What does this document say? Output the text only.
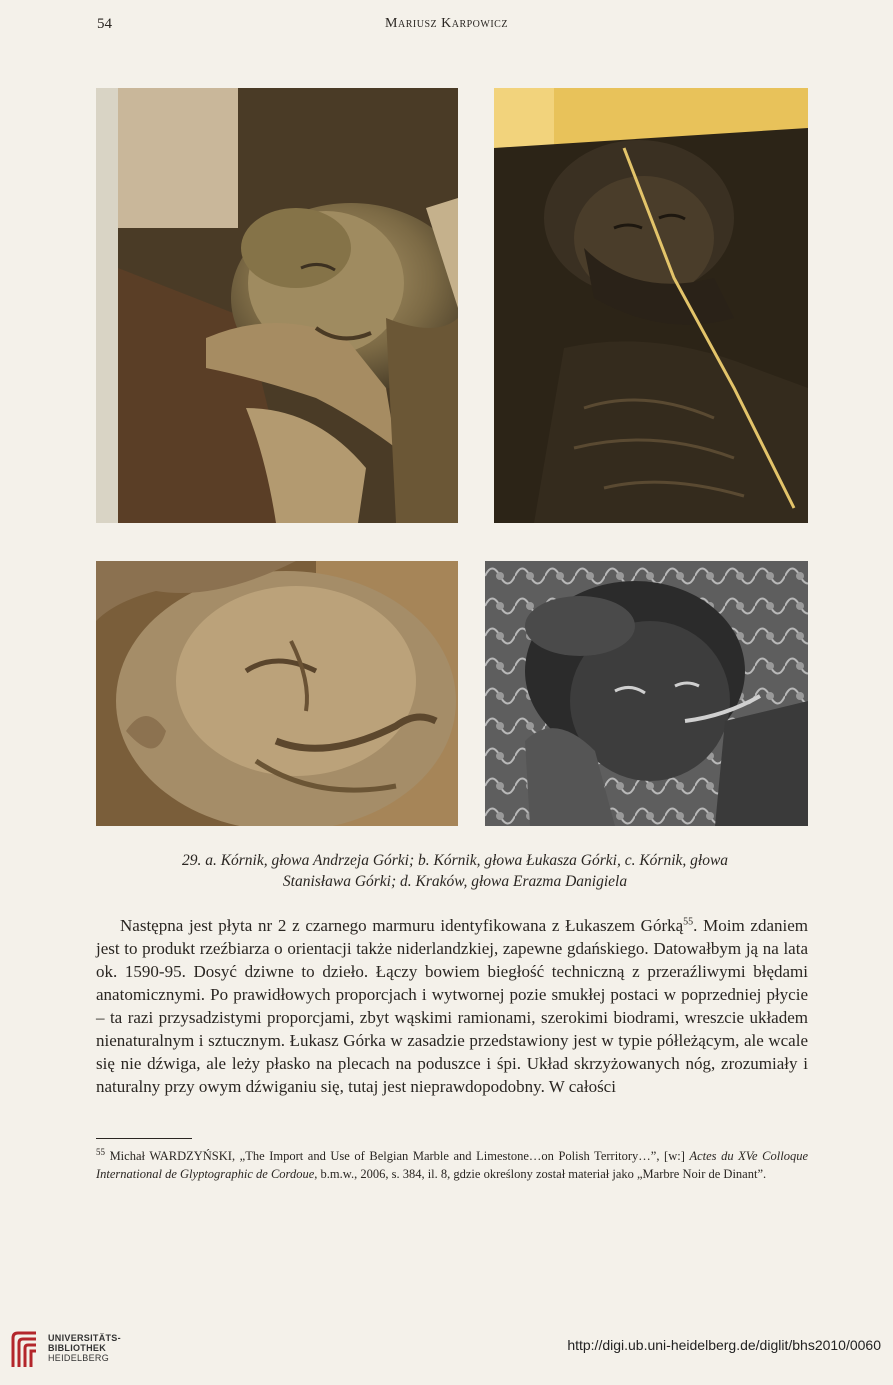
54	Mariusz Karpowicz

29. a. Kórnik, głowa Andrzeja Górki; b. Kórnik, głowa Łukasza Górki, c. Kórnik, głowa

Stanisława Górki; d. Kraków, głowa Erazma Danigiela

Następna jest płyta nr 2 z czarnego marmuru identyfikowana z Łukaszem Górką$^{55}$. Moim zdaniem jest to produkt rzeźbiarza o orientacji także niderlandzkiej, zapewne gdańskiego. Datowałbym ją na lata ok. 1590-95. Dosyć dziwne to dzieło. Łączy bowiem biegłość techniczną z przeraźliwymi błędami anatomicznymi. Po prawidłowych proporcjach i wytwornej pozie smukłej postaci w poprzedniej płycie – ta razi przysadzistymi proporcjami, zbyt wąskimi ramionami, szerokimi biodrami, wreszcie układem nienaturalnym i sztucznym. Łukasz Górka w zasadzie przedstawiony jest w typie półleżącym, ale wcale się nie dźwiga, ale leży płasko na plecach na poduszce i śpi. Układ skrzyżowanych nóg, zrozumiały i naturalny przy owym dźwiganiu się, tutaj jest nieprawdopodobny. W całości

$^{55}$ Michał WARDZYŃSKI, „The Import and Use of Belgian Marble and Limestone…on Polish Territory…”, [w:] Actes du XVe Colloque International de Glyptographic de Cordoue, b.m.w., 2006, s. 384, il. 8, gdzie określony został materiał jako „Marbre Noir de Dinant”.

UNIVERSITÄTS-
BIBLIOTHEK
HEIDELBERG
http://digi.ub.uni-heidelberg.de/diglit/bhs2010/0060
